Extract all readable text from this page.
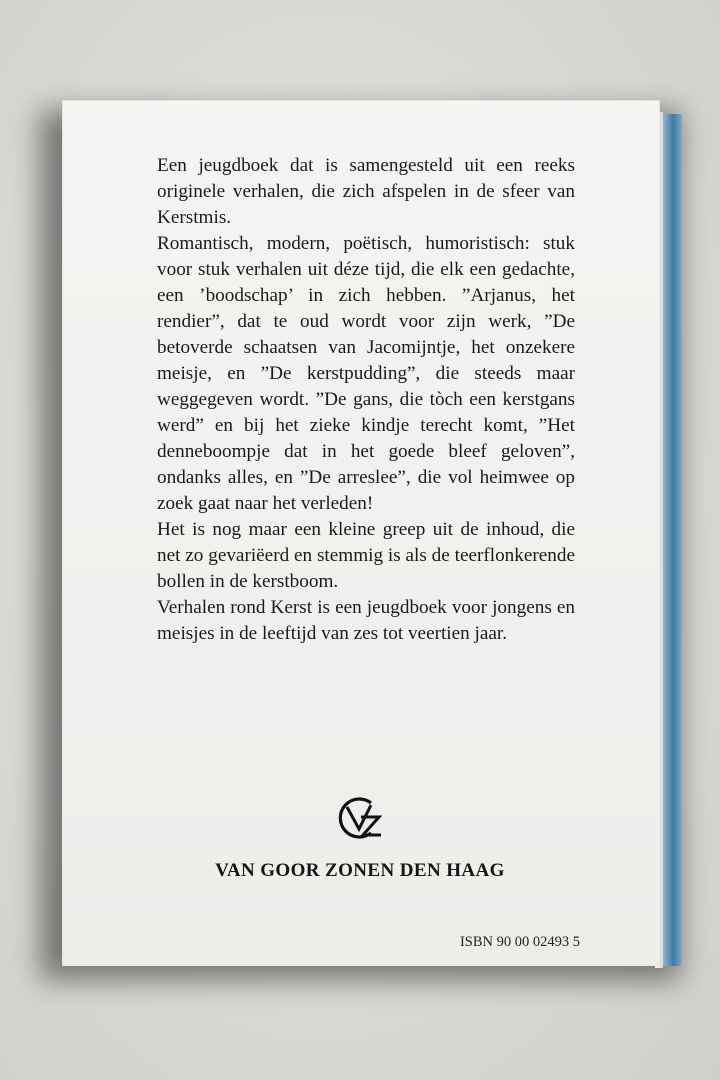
Een jeugdboek dat is samengesteld uit een reeks originele verhalen, die zich afspelen in de sfeer van Kerstmis.

Romantisch, modern, poëtisch, humoristisch: stuk voor stuk verhalen uit déze tijd, die elk een gedachte, een ’boodschap’ in zich hebben. ”Arjanus, het rendier”, dat te oud wordt voor zijn werk, ”De betoverde schaatsen van Jacomijntje, het onzekere meisje, en ”De kerstpudding”, die steeds maar weggegeven wordt. ”De gans, die tòch een kerstgans werd” en bij het zieke kindje terecht komt, ”Het denneboompje dat in het goede bleef geloven”, ondanks alles, en ”De arreslee”, die vol heimwee op zoek gaat naar het verleden!

Het is nog maar een kleine greep uit de inhoud, die net zo gevariëerd en stemmig is als de teerflonkerende bollen in de kerstboom.

Verhalen rond Kerst is een jeugdboek voor jongens en meisjes in de leeftijd van zes tot veertien jaar.

VAN GOOR ZONEN DEN HAAG
ISBN 90 00 02493 5
